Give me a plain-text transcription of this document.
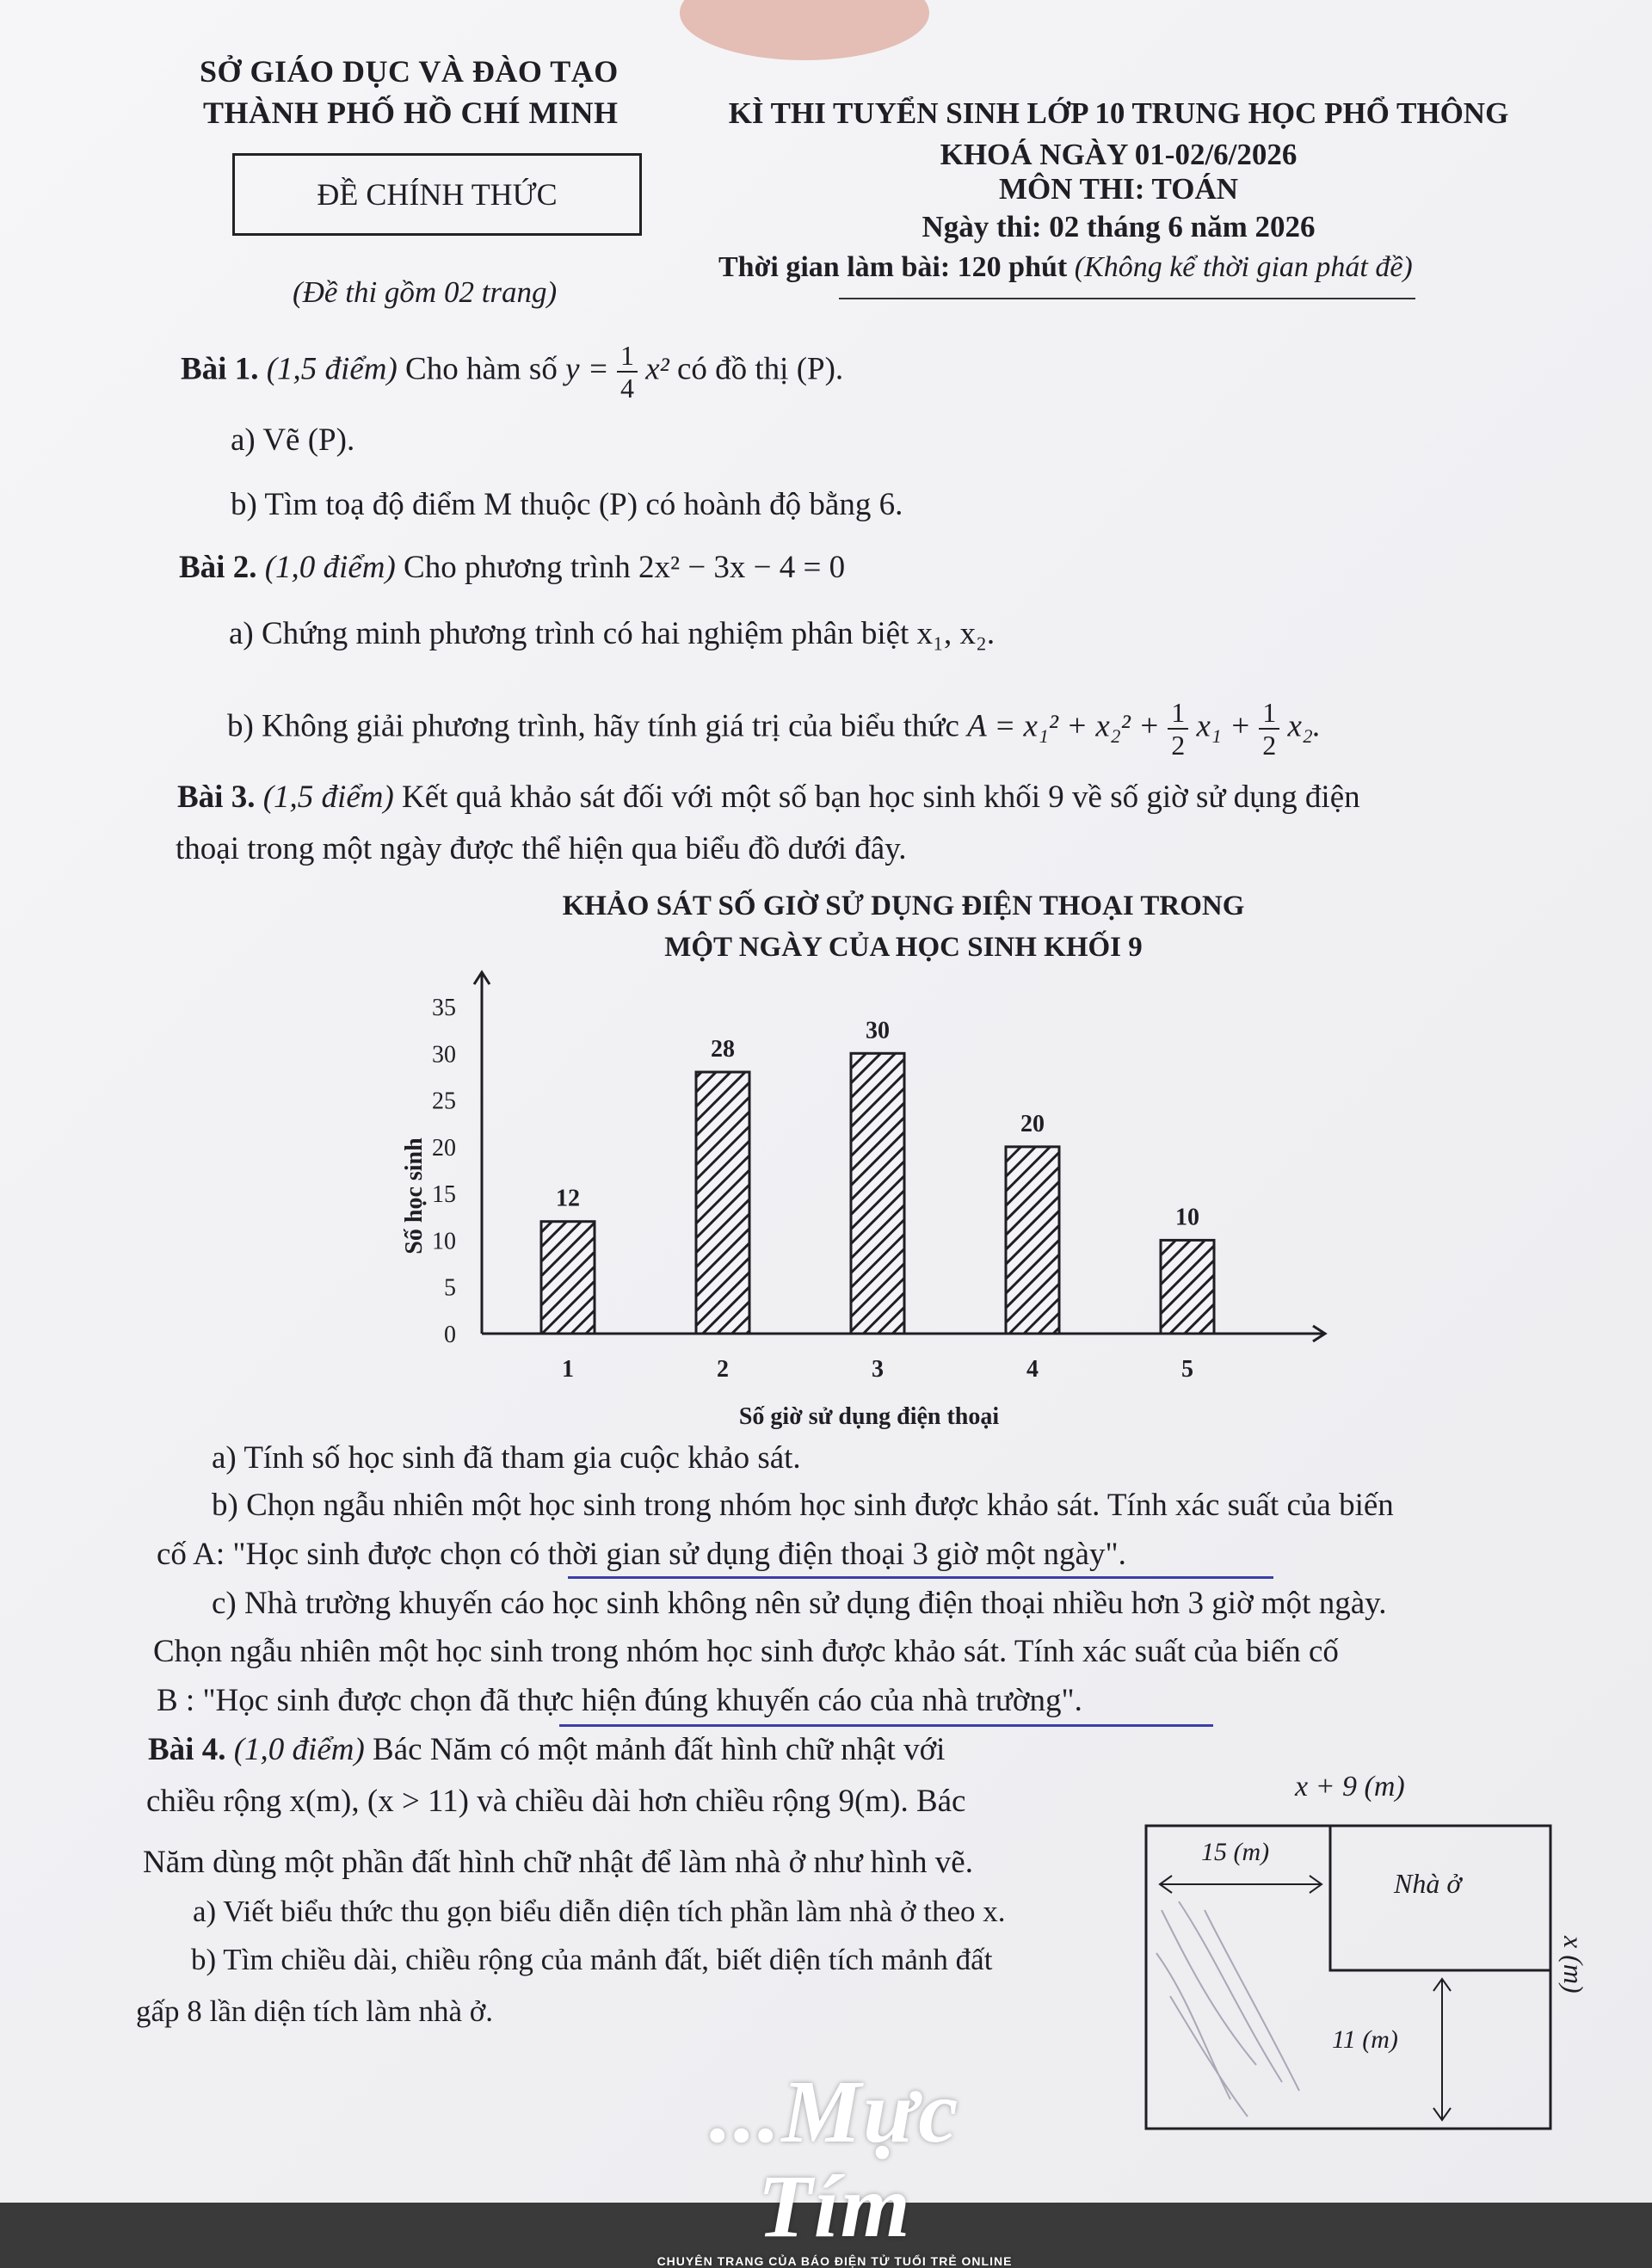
SỞ GIÁO DỤC VÀ ĐÀO TẠO
THÀNH PHỐ HỒ CHÍ MINH
ĐỀ CHÍNH THỨC
(Đề thi gồm 02 trang)
KÌ THI TUYỂN SINH LỚP 10 TRUNG HỌC PHỔ THÔNG
KHOÁ NGÀY 01-02/6/2026
MÔN THI: TOÁN
Ngày thi: 02 tháng 6 năm 2026
Thời gian làm bài: 120 phút (Không kể thời gian phát đề)
Bài 1. (1,5 điểm) Cho hàm số $y = \frac{1}{4} x^2$ có đồ thị (P).
a) Vẽ (P).
b) Tìm toạ độ điểm M thuộc (P) có hoành độ bằng 6.
Bài 2. (1,0 điểm) Cho phương trình 2x² − 3x − 4 = 0
a) Chứng minh phương trình có hai nghiệm phân biệt x₁, x₂.
b) Không giải phương trình, hãy tính giá trị của biểu thức $A = x_1^2 + x_2^2 + \frac{1}{2} x_1 + \frac{1}{2} x_2$.
Bài 3. (1,5 điểm) Kết quả khảo sát đối với một số bạn học sinh khối 9 về số giờ sử dụng điện
thoại trong một ngày được thể hiện qua biểu đồ dưới đây.
KHẢO SÁT SỐ GIỜ SỬ DỤNG ĐIỆN THOẠI TRONG
MỘT NGÀY CỦA HỌC SINH KHỐI 9
0
5
10
15
20
25
30
35
Số học sinh	12
1
28
2
30
3
20
4
10
5
Số giờ sử dụng điện thoại
a) Tính số học sinh đã tham gia cuộc khảo sát.
b) Chọn ngẫu nhiên một học sinh trong nhóm học sinh được khảo sát. Tính xác suất của biến
cố A: "Học sinh được chọn có thời gian sử dụng điện thoại 3 giờ một ngày".
c) Nhà trường khuyến cáo học sinh không nên sử dụng điện thoại nhiều hơn 3 giờ một ngày.
Chọn ngẫu nhiên một học sinh trong nhóm học sinh được khảo sát. Tính xác suất của biến cố
B : "Học sinh được chọn đã thực hiện đúng khuyến cáo của nhà trường".
Bài 4. (1,0 điểm) Bác Năm có một mảnh đất hình chữ nhật với
chiều rộng x(m), (x > 11) và chiều dài hơn chiều rộng 9(m). Bác
Năm dùng một phần đất hình chữ nhật để làm nhà ở như hình vẽ.
a) Viết biểu thức thu gọn biểu diễn diện tích phần làm nhà ở theo x.
b) Tìm chiều dài, chiều rộng của mảnh đất, biết diện tích mảnh đất
gấp 8 lần diện tích làm nhà ở.
x + 9 (m)
15 (m)
Nhà ở
11 (m)
x (m)
...Mực Tím
CHUYÊN TRANG CỦA BÁO ĐIỆN TỬ TUỔI TRẺ ONLINE
